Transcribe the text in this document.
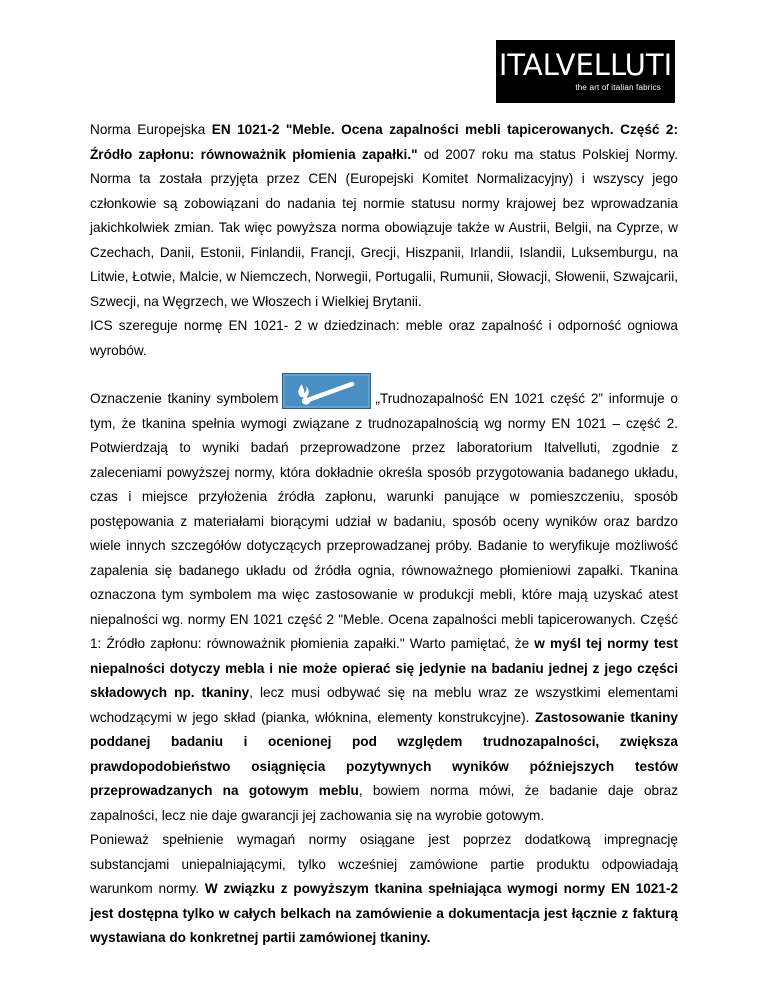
ITALVELLUTI
the art of italian fabrics

Norma Europejska EN 1021-2 "Meble. Ocena zapalności mebli tapicerowanych. Część 2: Źródło zapłonu: równoważnik płomienia zapałki." od 2007 roku ma status Polskiej Normy. Norma ta została przyjęta przez CEN (Europejski Komitet Normalizacyjny) i wszyscy jego członkowie są zobowiązani do nadania tej normie statusu normy krajowej bez wprowadzania jakichkolwiek zmian. Tak więc powyższa norma obowiązuje także w Austrii, Belgii, na Cyprze, w Czechach, Danii, Estonii, Finlandii, Francji, Grecji, Hiszpanii, Irlandii, Islandii, Luksemburgu, na Litwie, Łotwie, Malcie, w Niemczech, Norwegii, Portugalii, Rumunii, Słowacji, Słowenii, Szwajcarii, Szwecji, na Węgrzech, we Włoszech i Wielkiej Brytanii.

ICS szereguje normę EN 1021- 2 w dziedzinach: meble oraz zapalność i odporność ogniowa wyrobów.

Oznaczenie tkaniny symbolem	„Trudnozapalność EN 1021 część 2” informuje o tym, że tkanina spełnia wymogi związane z trudnozapalnością wg normy EN 1021 – część 2. Potwierdzają to wyniki badań przeprowadzone przez laboratorium Italvelluti, zgodnie z zaleceniami powyższej normy, która dokładnie określa sposób przygotowania badanego układu, czas i miejsce przyłożenia źródła zapłonu, warunki panujące w pomieszczeniu, sposób postępowania z materiałami biorącymi udział w badaniu, sposób oceny wyników oraz bardzo wiele innych szczegółów dotyczących przeprowadzanej próby. Badanie to weryfikuje możliwość zapalenia się badanego układu od źródła ognia, równoważnego płomieniowi zapałki. Tkanina oznaczona tym symbolem ma więc zastosowanie w produkcji mebli, które mają uzyskać atest niepalności wg. normy EN 1021 część 2 "Meble. Ocena zapalności mebli tapicerowanych. Część 1: Źródło zapłonu: równoważnik płomienia zapałki." Warto pamiętać, że w myśl tej normy test niepalności dotyczy mebla i nie może opierać się jedynie na badaniu jednej z jego części składowych np. tkaniny, lecz musi odbywać się na meblu wraz ze wszystkimi elementami wchodzącymi w jego skład (pianka, włóknina, elementy konstrukcyjne). Zastosowanie tkaniny poddanej badaniu i ocenionej pod względem trudnozapalności, zwiększa prawdopodobieństwo osiągnięcia pozytywnych wyników późniejszych testów przeprowadzanych na gotowym meblu, bowiem norma mówi, że badanie daje obraz zapalności, lecz nie daje gwarancji jej zachowania się na wyrobie gotowym.

Ponieważ spełnienie wymagań normy osiągane jest poprzez dodatkową impregnację substancjami uniepalniającymi, tylko wcześniej zamówione partie produktu odpowiadają warunkom normy. W związku z powyższym tkanina spełniająca wymogi normy EN 1021-2 jest dostępna tylko w całych belkach na zamówienie a dokumentacja jest łącznie z fakturą wystawiana do konkretnej partii zamówionej tkaniny.
